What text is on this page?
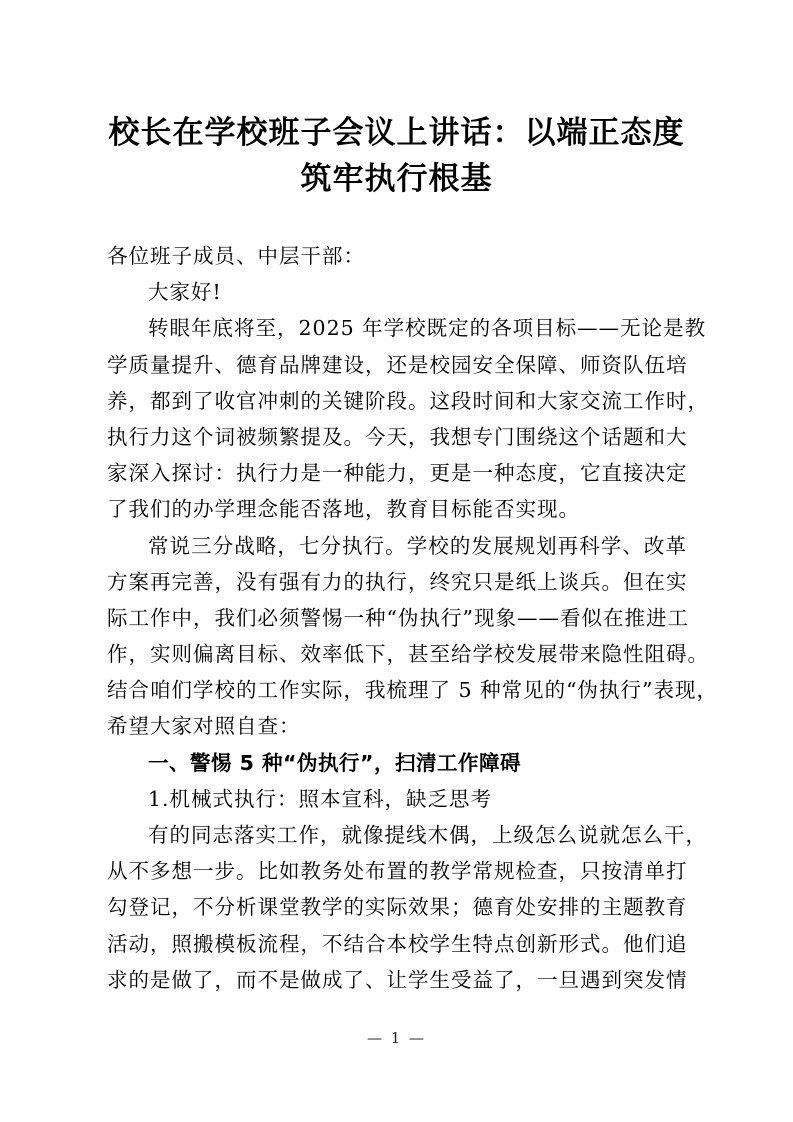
校长在学校班子会议上讲话：以端正态度
筑牢执行根基
各位班子成员、中层干部：
大家好!
转眼年底将至，2025 年学校既定的各项目标——无论是教
学质量提升、德育品牌建设，还是校园安全保障、师资队伍培
养，都到了收官冲刺的关键阶段。这段时间和大家交流工作时，
执行力这个词被频繁提及。今天，我想专门围绕这个话题和大
家深入探讨：执行力是一种能力，更是一种态度，它直接决定
了我们的办学理念能否落地，教育目标能否实现。
常说三分战略，七分执行。学校的发展规划再科学、改革
方案再完善，没有强有力的执行，终究只是纸上谈兵。但在实
际工作中，我们必须警惕一种“伪执行”现象——看似在推进工
作，实则偏离目标、效率低下，甚至给学校发展带来隐性阻碍。
结合咱们学校的工作实际，我梳理了 5 种常见的“伪执行”表现，
希望大家对照自查：
一、警惕 5 种“伪执行”，扫清工作障碍
1.机械式执行：照本宣科，缺乏思考
有的同志落实工作，就像提线木偶，上级怎么说就怎么干，
从不多想一步。比如教务处布置的教学常规检查，只按清单打
勾登记，不分析课堂教学的实际效果；德育处安排的主题教育
活动，照搬模板流程，不结合本校学生特点创新形式。他们追
求的是做了，而不是做成了、让学生受益了，一旦遇到突发情
— 1 —
